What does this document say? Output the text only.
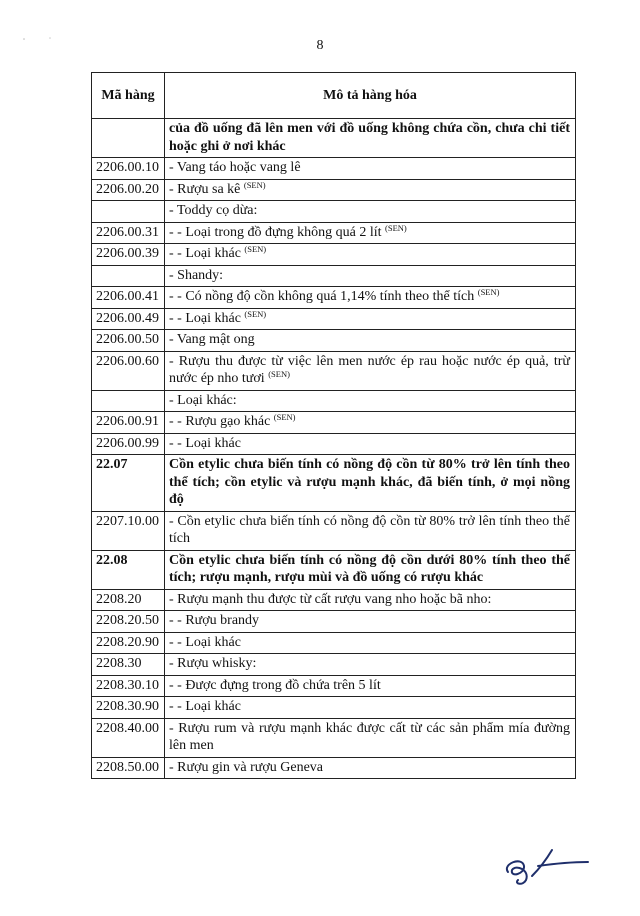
8
Mã hàng	Mô tả hàng hóa
	của đồ uống đã lên men với đồ uống không chứa cồn, chưa chi tiết hoặc ghi ở nơi khác
2206.00.10	- Vang táo hoặc vang lê
2206.00.20	- Rượu sa kê $^{(SEN)}$
	- Toddy cọ dừa:
2206.00.31	- - Loại trong đồ đựng không quá 2 lít $^{(SEN)}$
2206.00.39	- - Loại khác $^{(SEN)}$
	- Shandy:
2206.00.41	- - Có nồng độ cồn không quá 1,14% tính theo thể tích $^{(SEN)}$
2206.00.49	- - Loại khác $^{(SEN)}$
2206.00.50	- Vang mật ong
2206.00.60	- Rượu thu được từ việc lên men nước ép rau hoặc nước ép quả, trừ nước ép nho tươi $^{(SEN)}$
	- Loại khác:
2206.00.91	- - Rượu gạo khác $^{(SEN)}$
2206.00.99	- - Loại khác
22.07	Cồn etylic chưa biến tính có nồng độ cồn từ 80% trở lên tính theo thể tích; cồn etylic và rượu mạnh khác, đã biến tính, ở mọi nồng độ
2207.10.00	- Cồn etylic chưa biến tính có nồng độ cồn từ 80% trở lên tính theo thể tích
22.08	Cồn etylic chưa biến tính có nồng độ cồn dưới 80% tính theo thể tích; rượu mạnh, rượu mùi và đồ uống có rượu khác
2208.20	- Rượu mạnh thu được từ cất rượu vang nho hoặc bã nho:
2208.20.50	- - Rượu brandy
2208.20.90	- - Loại khác
2208.30	- Rượu whisky:
2208.30.10	- - Được đựng trong đồ chứa trên 5 lít
2208.30.90	- - Loại khác
2208.40.00	- Rượu rum và rượu mạnh khác được cất từ các sản phẩm mía đường lên men
2208.50.00	- Rượu gin và rượu Geneva
